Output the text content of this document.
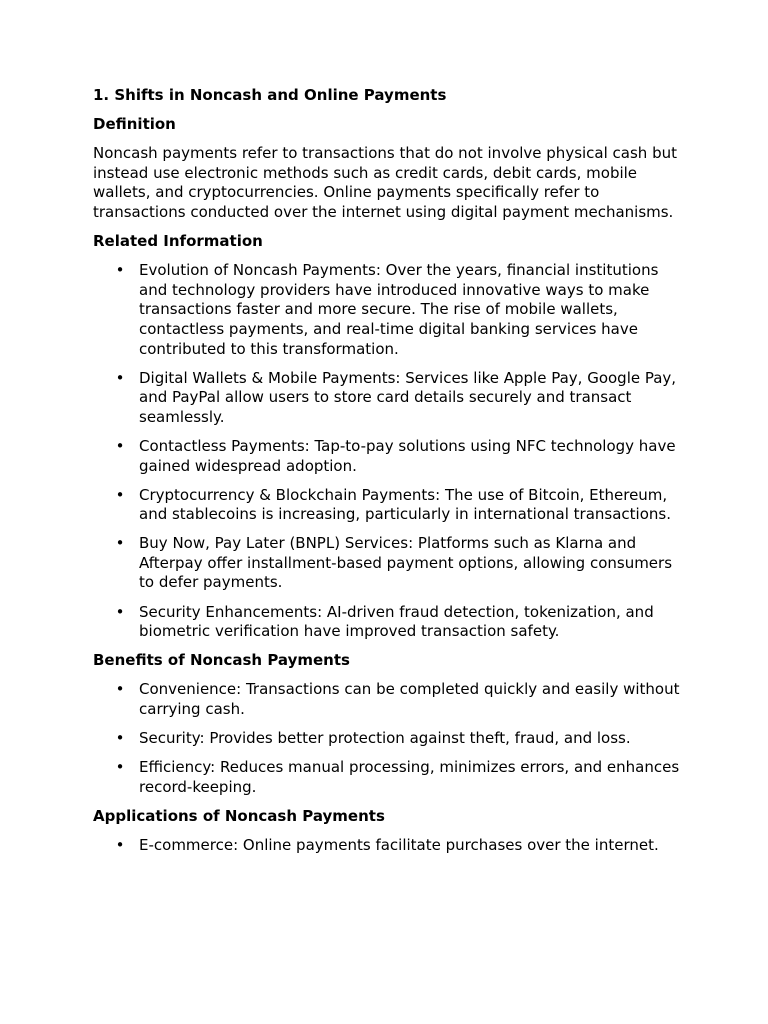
1. Shifts in Noncash and Online Payments
Definition

Noncash payments refer to transactions that do not involve physical cash but instead use electronic methods such as credit cards, debit cards, mobile wallets, and cryptocurrencies. Online payments specifically refer to transactions conducted over the internet using digital payment mechanisms.

Related Information
• Evolution of Noncash Payments: Over the years, financial institutions and technology providers have introduced innovative ways to make transactions faster and more secure. The rise of mobile wallets, contactless payments, and real-time digital banking services have contributed to this transformation.
• Digital Wallets & Mobile Payments: Services like Apple Pay, Google Pay, and PayPal allow users to store card details securely and transact seamlessly.
• Contactless Payments: Tap-to-pay solutions using NFC technology have gained widespread adoption.
• Cryptocurrency & Blockchain Payments: The use of Bitcoin, Ethereum, and stablecoins is increasing, particularly in international transactions.
• Buy Now, Pay Later (BNPL) Services: Platforms such as Klarna and Afterpay offer installment-based payment options, allowing consumers to defer payments.
• Security Enhancements: AI-driven fraud detection, tokenization, and biometric verification have improved transaction safety.
Benefits of Noncash Payments
• Convenience: Transactions can be completed quickly and easily without carrying cash.
• Security: Provides better protection against theft, fraud, and loss.
• Efficiency: Reduces manual processing, minimizes errors, and enhances record-keeping.
Applications of Noncash Payments
• E-commerce: Online payments facilitate purchases over the internet.
